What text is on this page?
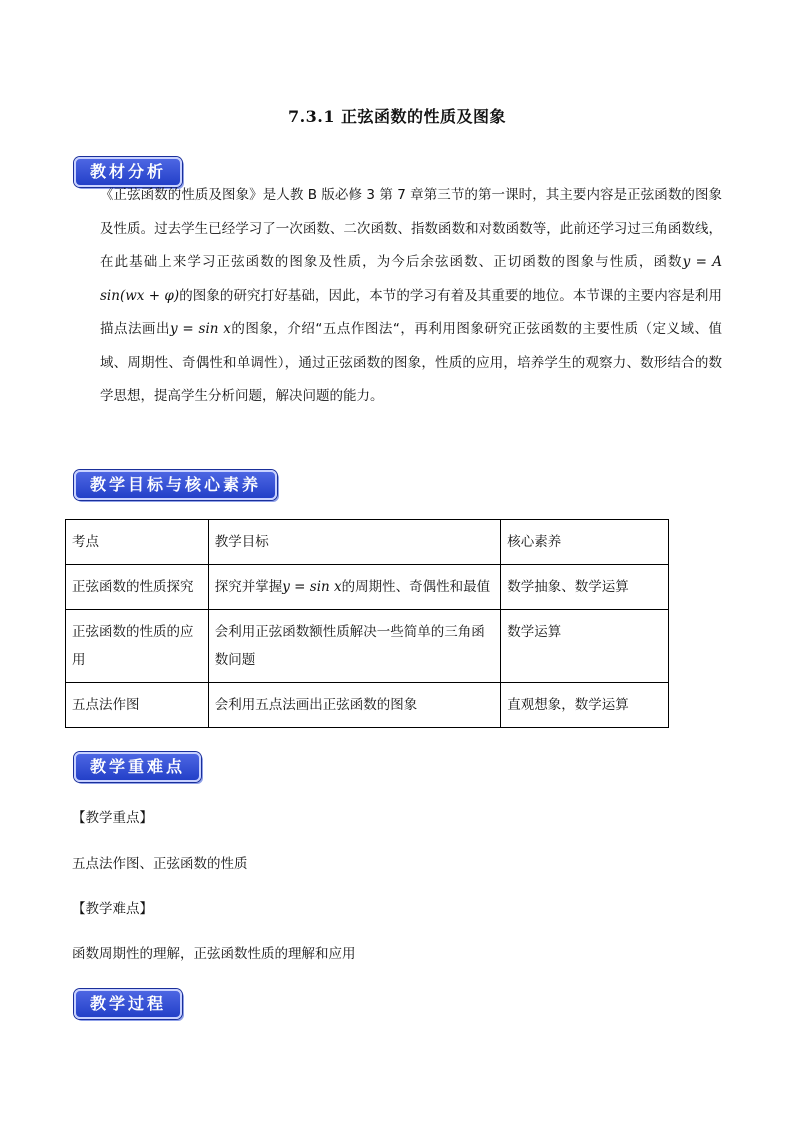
7.3.1 正弦函数的性质及图象
教材分析

《正弦函数的性质及图象》是人教 B 版必修 3 第 7 章第三节的第一课时，其主要内容是正弦函数的图象及性质。过去学生已经学习了一次函数、二次函数、指数函数和对数函数等，此前还学习过三角函数线，在此基础上来学习正弦函数的图象及性质，为今后余弦函数、正切函数的图象与性质，函数y = A sin(wx + φ)的图象的研究打好基础，因此，本节的学习有着及其重要的地位。本节课的主要内容是利用描点法画出y = sin x的图象，介绍“五点作图法“，再利用图象研究正弦函数的主要性质（定义域、值域、周期性、奇偶性和单调性），通过正弦函数的图象，性质的应用，培养学生的观察力、数形结合的数学思想，提高学生分析问题，解决问题的能力。

教学目标与核心素养
考点	教学目标	核心素养
正弦函数的性质探究	探究并掌握y = sin x的周期性、奇偶性和最值	数学抽象、数学运算
正弦函数的性质的应用	会利用正弦函数额性质解决一些简单的三角函数问题	数学运算
五点法作图	会利用五点法画出正弦函数的图象	直观想象，数学运算
教学重难点
【教学重点】
五点法作图、正弦函数的性质
【教学难点】
函数周期性的理解，正弦函数性质的理解和应用
教学过程
